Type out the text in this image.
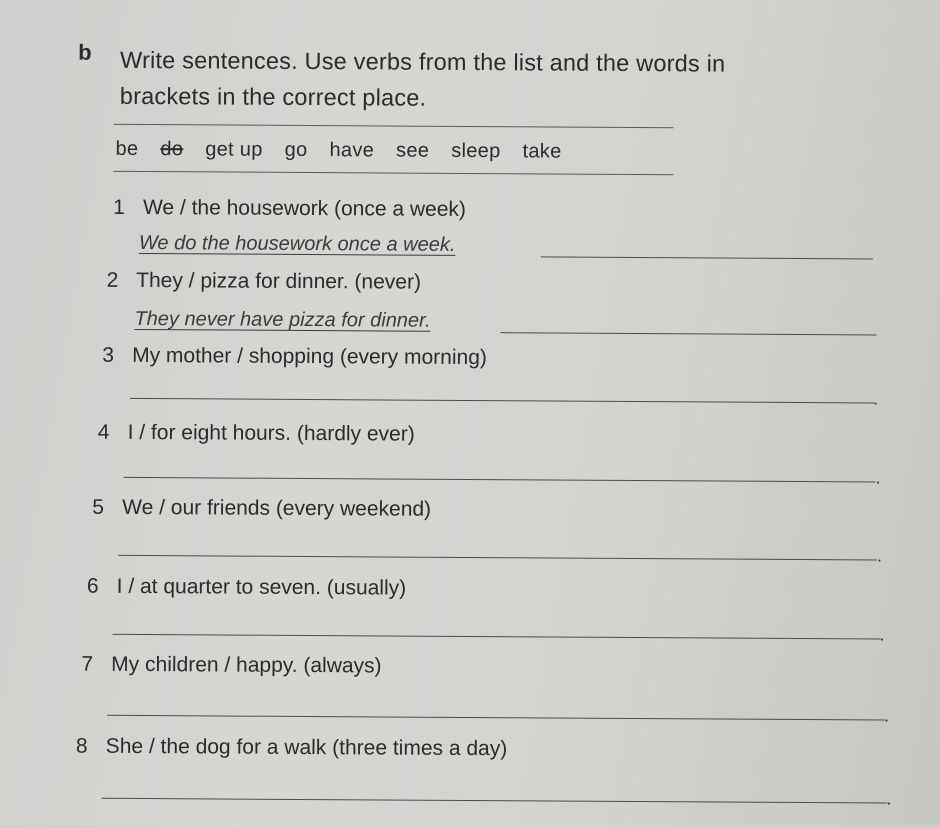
b Write sentences. Use verbs from the list and the words in
brackets in the correct place.
be do get up go have see sleep take
1 We / the housework (once a week)
We do the housework once a week.
2 They / pizza for dinner. (never)
They never have pizza for dinner.
3 My mother / shopping (every morning)
.
4 I / for eight hours. (hardly ever)
.
5 We / our friends (every weekend)
.
6 I / at quarter to seven. (usually)
.
7 My children / happy. (always)
.
8 She / the dog for a walk (three times a day)
.
